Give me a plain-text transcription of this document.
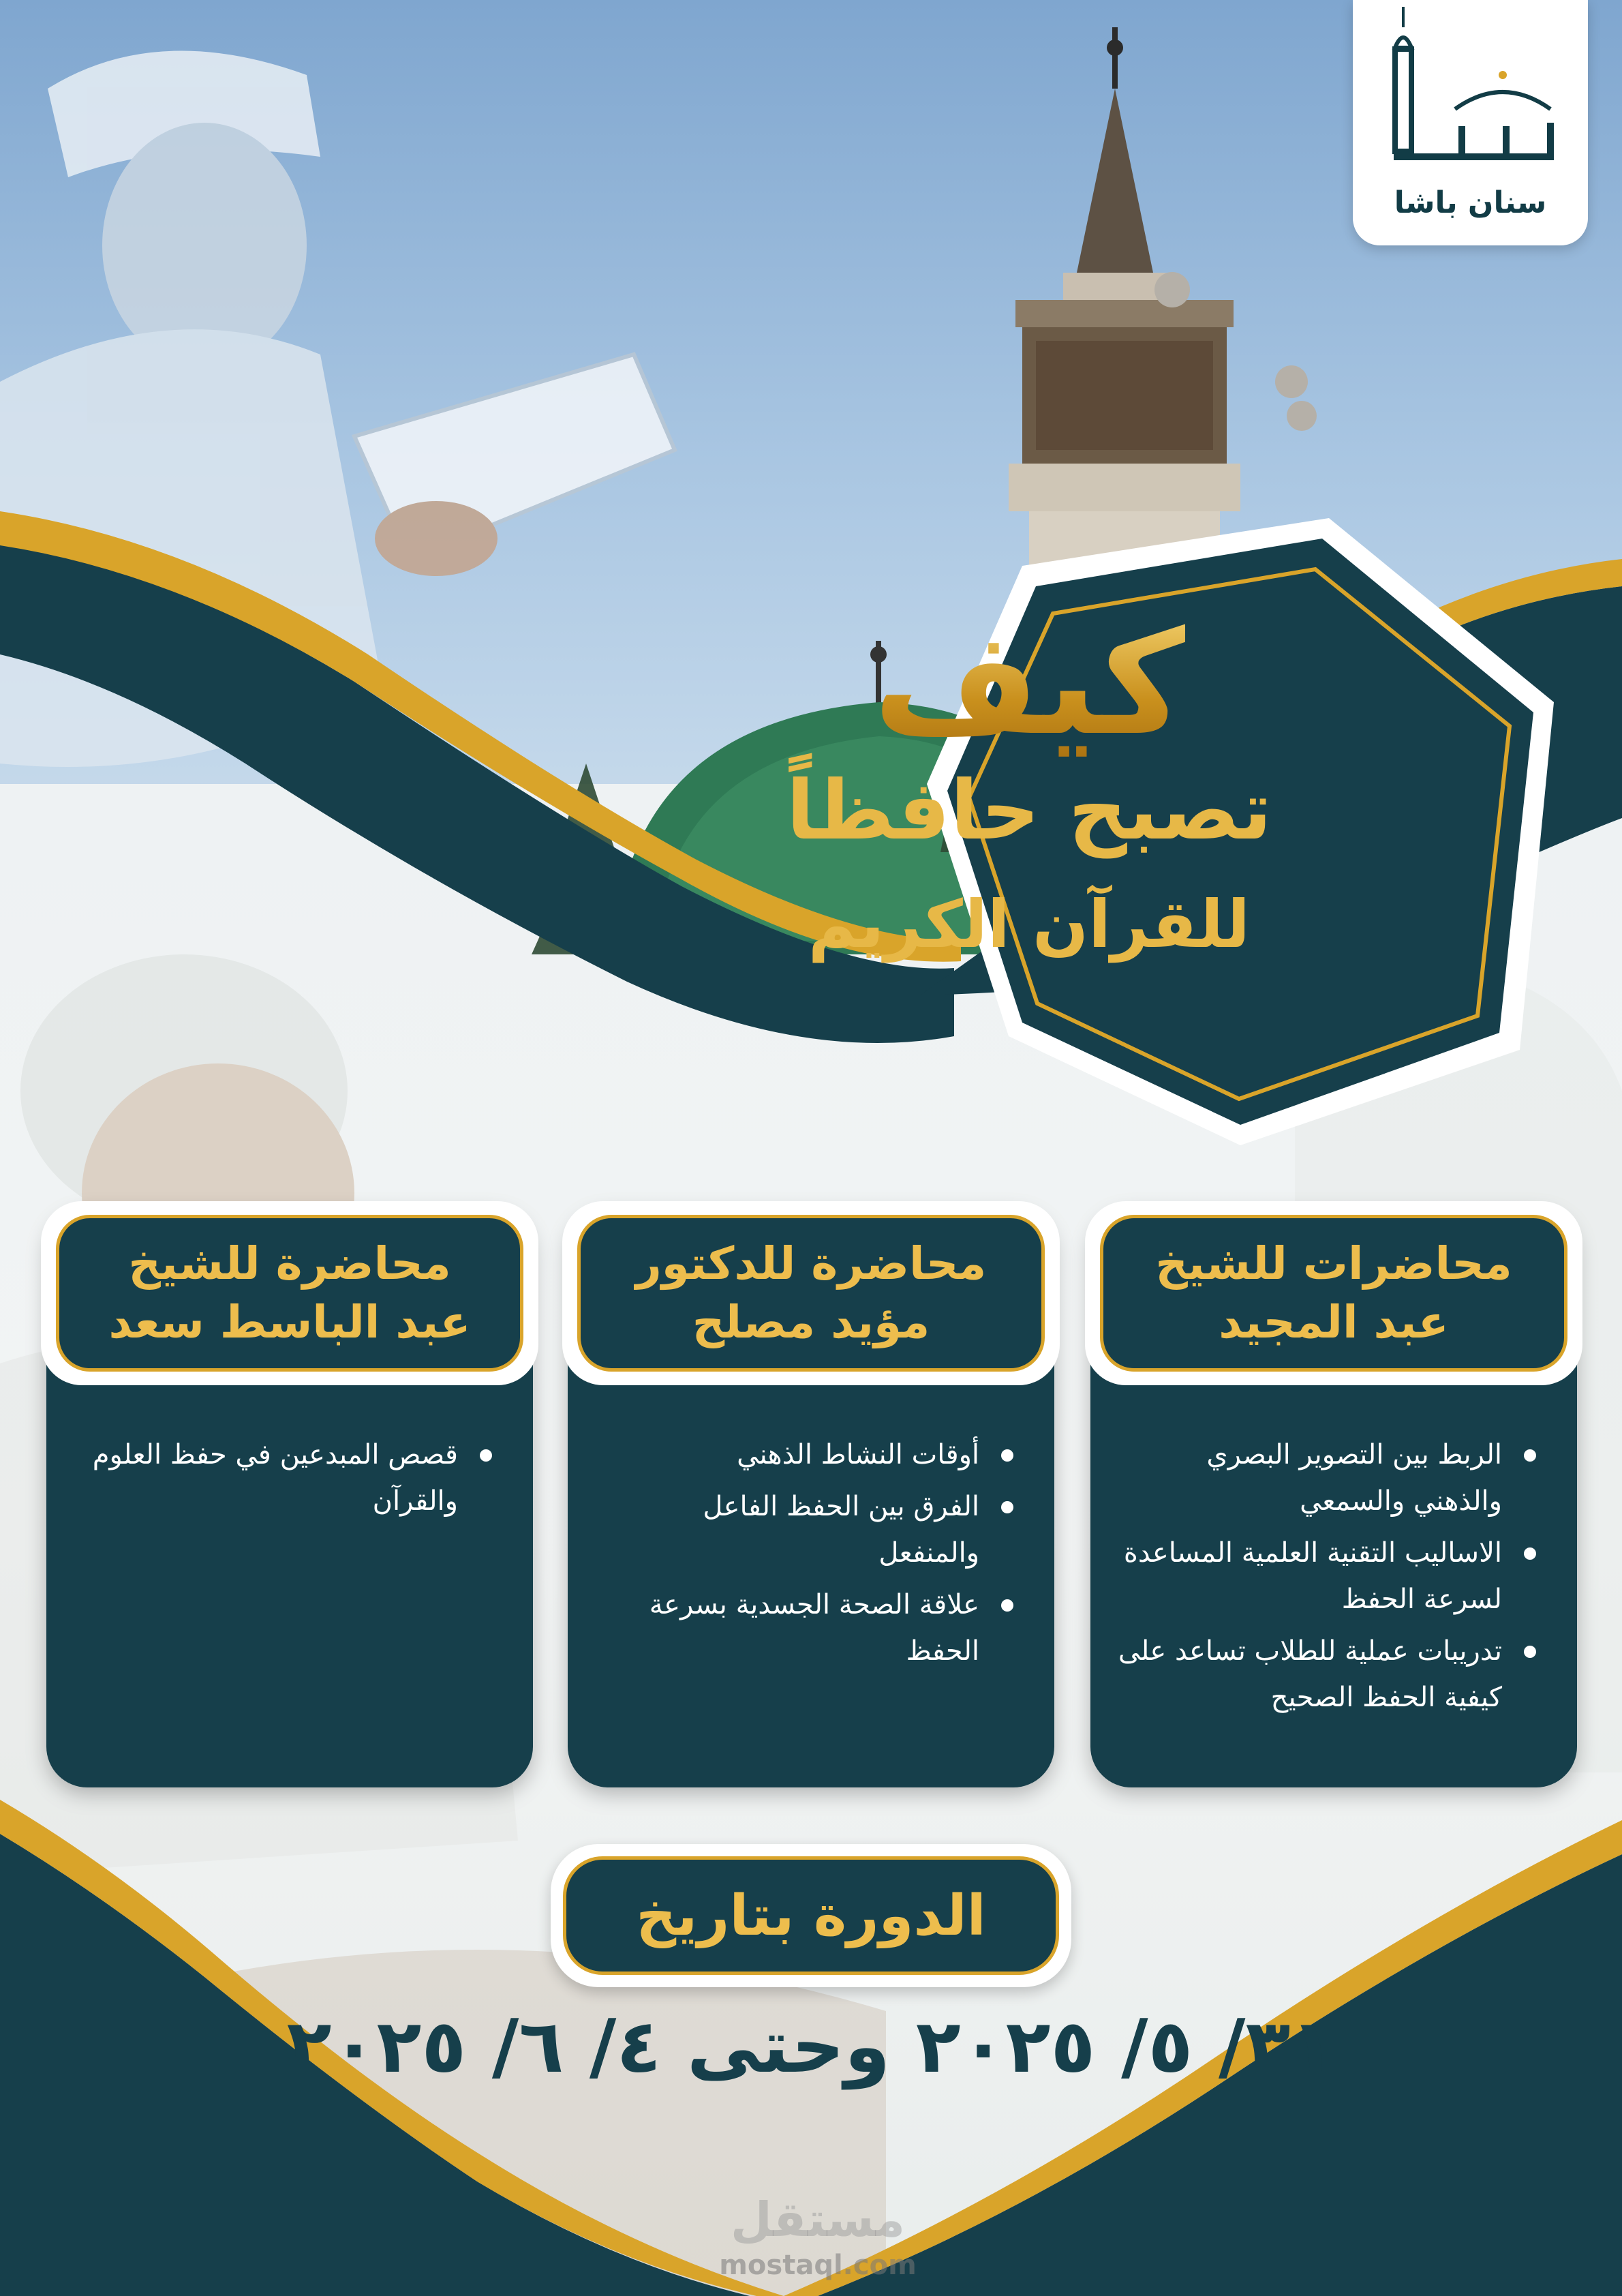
سنان باشا
كيف
تصبح حافظاً
للقرآن الكريم
محاضرات للشيخ
عبد المجيد
الربط بين التصوير البصري والذهني والسمعي
الاساليب التقنية العلمية المساعدة لسرعة الحفظ
تدريبات عملية للطلاب تساعد على كيفية الحفظ الصحيح
محاضرة للدكتور
مؤيد مصلح
أوقات النشاط الذهني
الفرق بين الحفظ الفاعل والمنفعل
علاقة الصحة الجسدية بسرعة الحفظ
محاضرة للشيخ
عبد الباسط سعد
قصص المبدعين في حفظ العلوم والقرآن
الدورة بتاريخ
٣١/ ٥/ ٢٠٢٥ وحتى ٤/ ٦/ ٢٠٢٥
مستقل
mostaql.com
